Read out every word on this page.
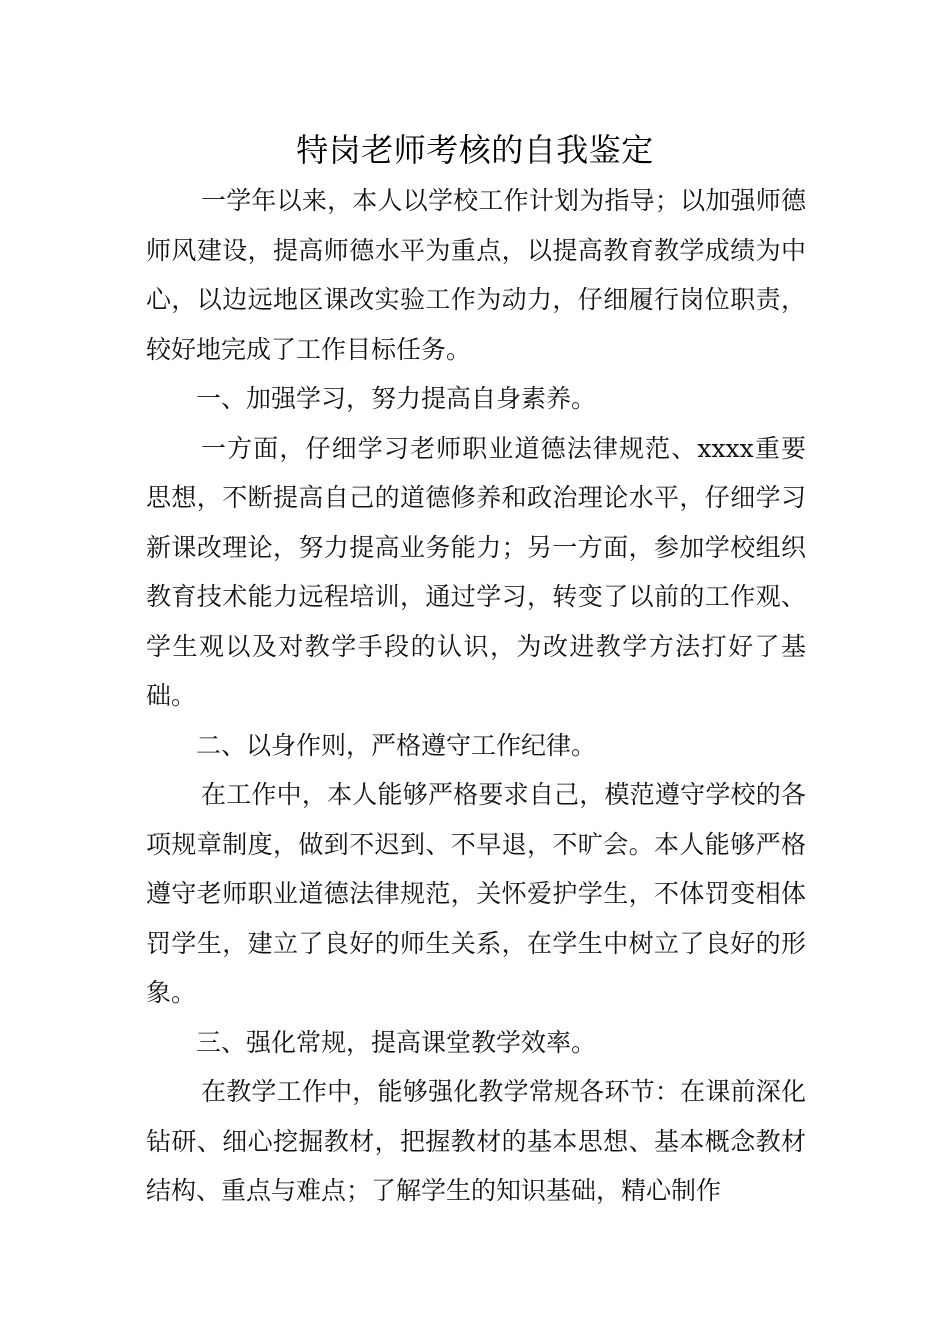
特岗老师考核的自我鉴定

一学年以来，本人以学校工作计划为指导；以加强师德师风建设，提高师德水平为重点，以提高教育教学成绩为中心，以边远地区课改实验工作为动力，仔细履行岗位职责，较好地完成了工作目标任务。

一、加强学习，努力提高自身素养。

一方面，仔细学习老师职业道德法律规范、xxxx重要思想，不断提高自己的道德修养和政治理论水平，仔细学习新课改理论，努力提高业务能力；另一方面，参加学校组织教育技术能力远程培训，通过学习，转变了以前的工作观、学生观以及对教学手段的认识，为改进教学方法打好了基础。

二、以身作则，严格遵守工作纪律。

在工作中，本人能够严格要求自己，模范遵守学校的各项规章制度，做到不迟到、不早退，不旷会。本人能够严格遵守老师职业道德法律规范，关怀爱护学生，不体罚变相体罚学生，建立了良好的师生关系，在学生中树立了良好的形象。

三、强化常规，提高课堂教学效率。

在教学工作中，能够强化教学常规各环节：在课前深化钻研、细心挖掘教材，把握教材的基本思想、基本概念教材结构、重点与难点；了解学生的知识基础，精心制作
